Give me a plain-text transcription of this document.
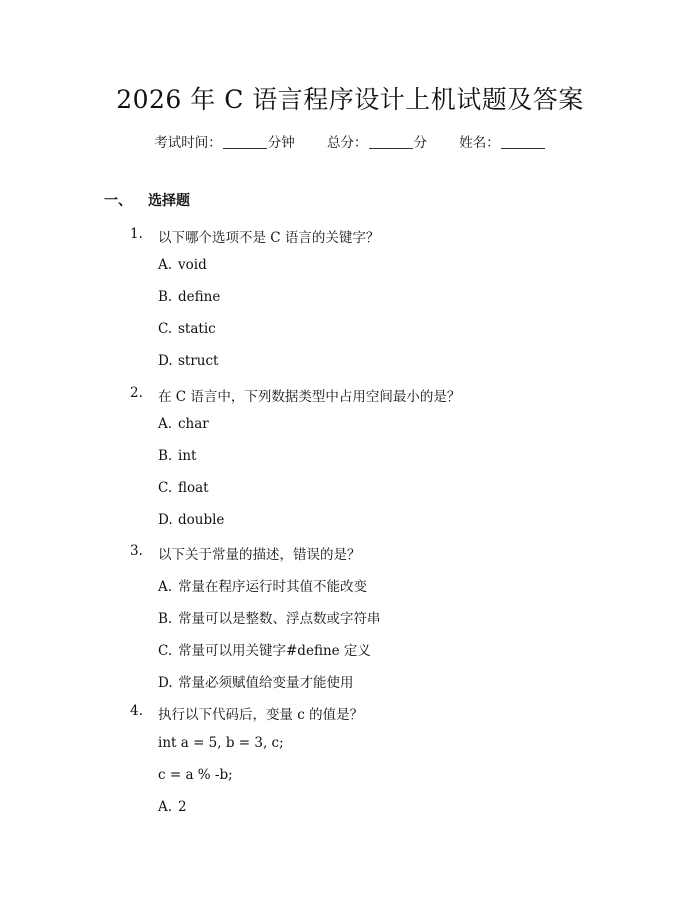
2026 年 C 语言程序设计上机试题及答案
考试时间：	分钟 总分：	分 姓名：
一、 选择题
1. 以下哪个选项不是 C 语言的关键字？
A. void
B. define
C. static
D. struct
2. 在 C 语言中，下列数据类型中占用空间最小的是？
A. char
B. int
C. float
D. double
3. 以下关于常量的描述，错误的是？
A. 常量在程序运行时其值不能改变
B. 常量可以是整数、浮点数或字符串
C. 常量可以用关键字#define 定义
D. 常量必须赋值给变量才能使用
4. 执行以下代码后，变量 c 的值是？
int a = 5, b = 3, c;
c = a % -b;
A. 2
